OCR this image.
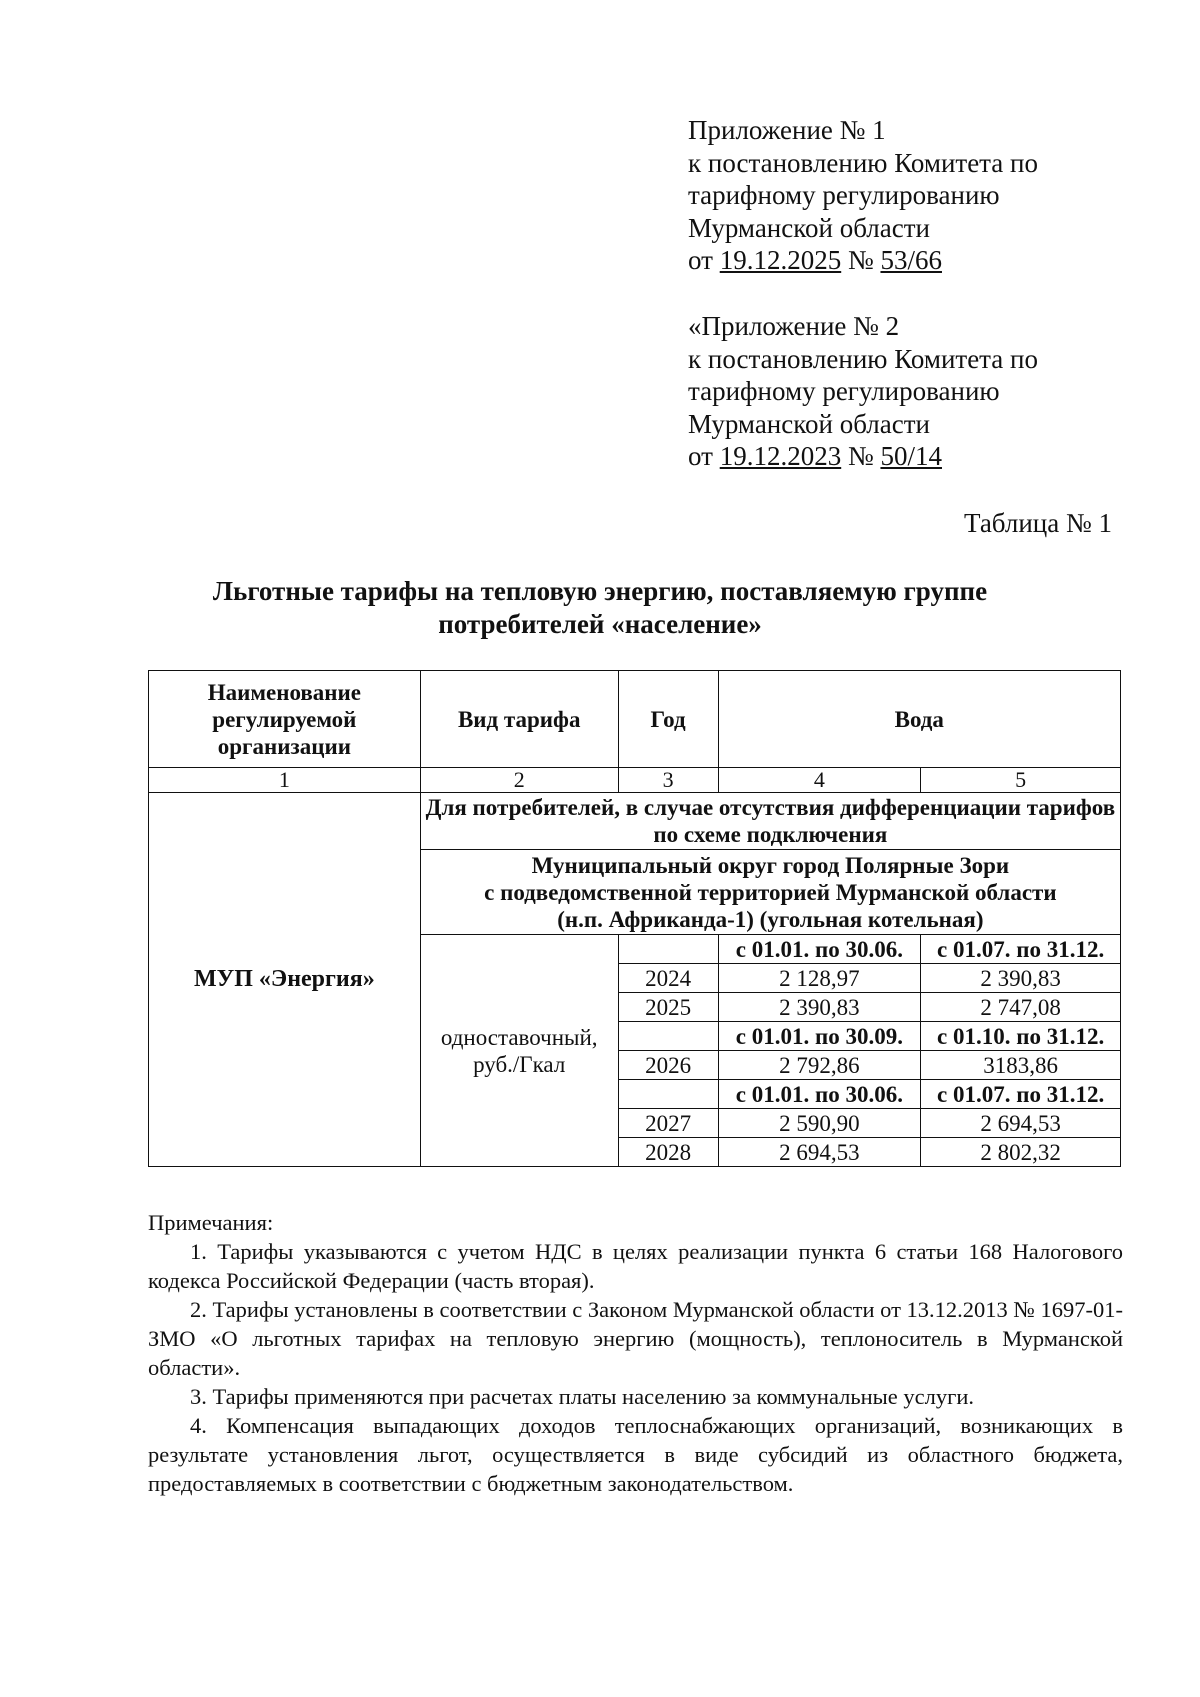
Приложение № 1
к постановлению Комитета по
тарифному регулированию
Мурманской области
от 19.12.2025 № 53/66
«Приложение № 2
к постановлению Комитета по
тарифному регулированию
Мурманской области
от 19.12.2023 № 50/14
Таблица № 1
Льготные тарифы на тепловую энергию, поставляемую группе
потребителей «население»
Наименование регулируемой организации	Вид тарифа	Год	Вода	
1	2	3	4	5
МУП «Энергия»	Для потребителей, в случае отсутствия дифференциации тарифов по схеме подключения			

	Муниципальный округ город Полярные Зори
с подведомственной территорией Мурманской области
(н.п. Африканда-1) (угольная котельная)			

	одноставочный,
руб./Гкал		с 01.01. по 30.06.	с 01.07. по 31.12.
		2024	2 128,97	2 390,83
		2025	2 390,83	2 747,08
			с 01.01. по 30.09.	с 01.10. по 31.12.
		2026	2 792,86	3183,86
			с 01.01. по 30.06.	с 01.07. по 31.12.
		2027	2 590,90	2 694,53
		2028	2 694,53	2 802,32

Примечания:

1. Тарифы указываются с учетом НДС в целях реализации пункта 6 статьи 168 Налогового кодекса Российской Федерации (часть вторая).

2. Тарифы установлены в соответствии с Законом Мурманской области от 13.12.2013 № 1697-01-ЗМО «О льготных тарифах на тепловую энергию (мощность), теплоноситель в Мурманской области».

3. Тарифы применяются при расчетах платы населению за коммунальные услуги.

4. Компенсация выпадающих доходов теплоснабжающих организаций, возникающих в результате установления льгот, осуществляется в виде субсидий из областного бюджета, предоставляемых в соответствии с бюджетным законодательством.
